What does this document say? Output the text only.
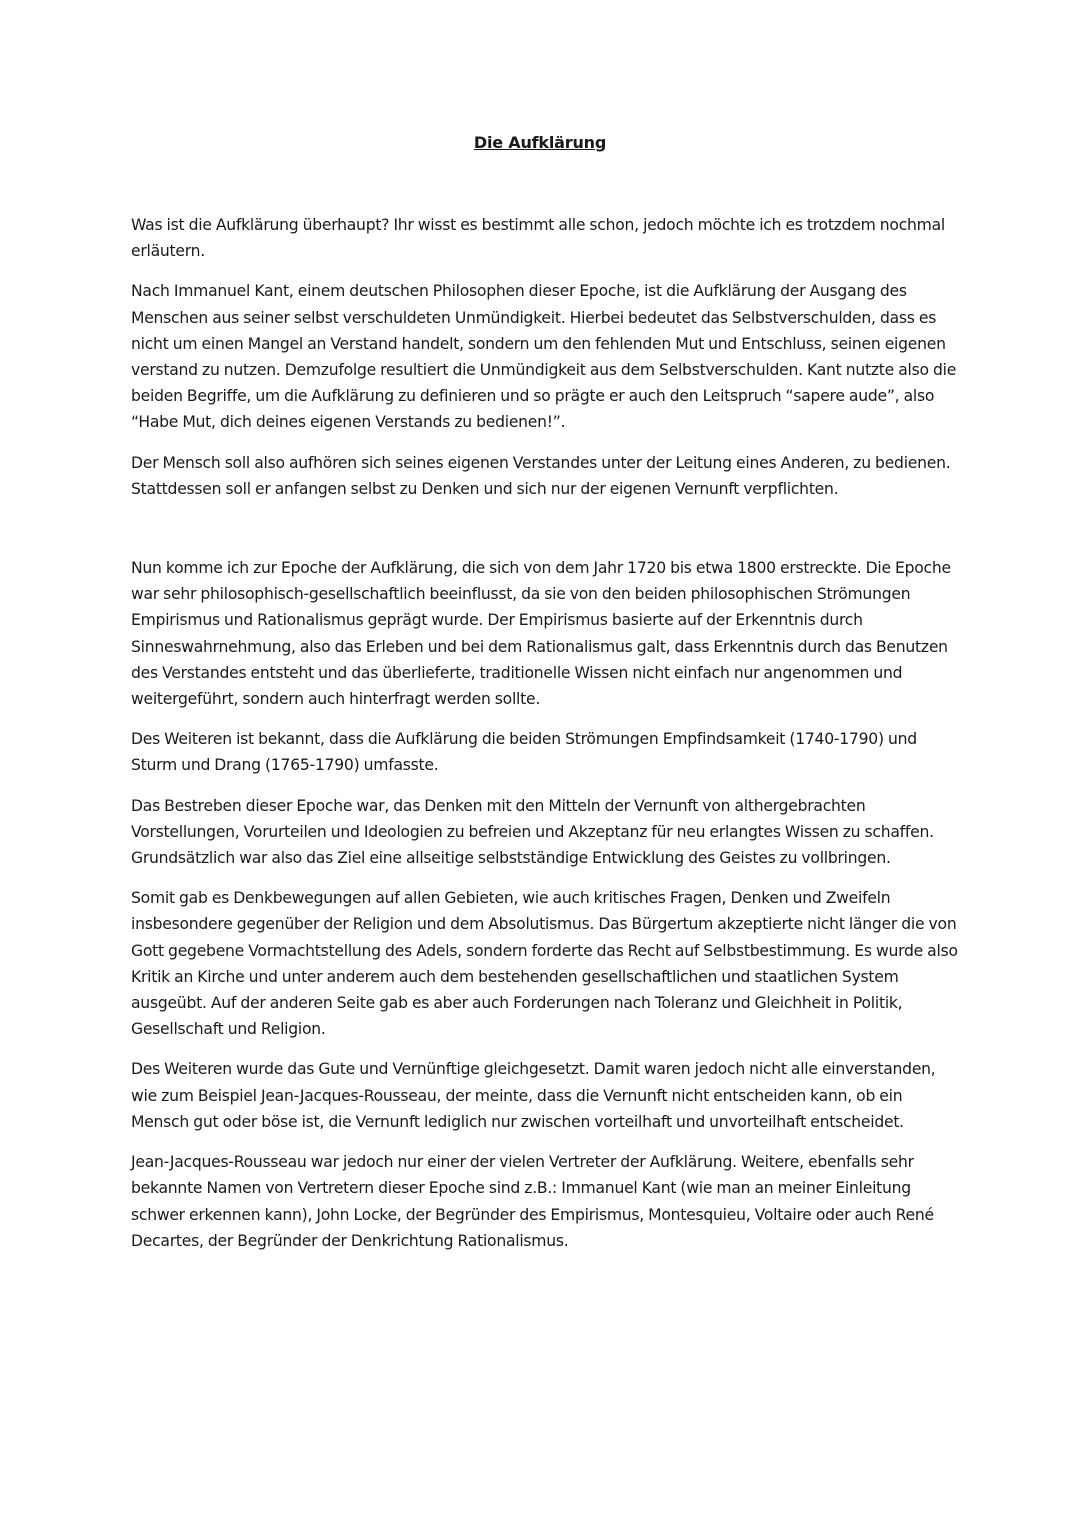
Die Aufklärung

Was ist die Aufklärung überhaupt? Ihr wisst es bestimmt alle schon, jedoch möchte ich es trotzdem nochmal erläutern.

Nach Immanuel Kant, einem deutschen Philosophen dieser Epoche, ist die Aufklärung der Ausgang des Menschen aus seiner selbst verschuldeten Unmündigkeit. Hierbei bedeutet das Selbstverschulden, dass es nicht um einen Mangel an Verstand handelt, sondern um den fehlenden Mut und Entschluss, seinen eigenen verstand zu nutzen. Demzufolge resultiert die Unmündigkeit aus dem Selbstverschulden. Kant nutzte also die beiden Begriffe, um die Aufklärung zu definieren und so prägte er auch den Leitspruch “sapere aude”, also “Habe Mut, dich deines eigenen Verstands zu bedienen!”.

Der Mensch soll also aufhören sich seines eigenen Verstandes unter der Leitung eines Anderen, zu bedienen. Stattdessen soll er anfangen selbst zu Denken und sich nur der eigenen Vernunft verpflichten.

Nun komme ich zur Epoche der Aufklärung, die sich von dem Jahr 1720 bis etwa 1800 erstreckte. Die Epoche war sehr philosophisch-gesellschaftlich beeinflusst, da sie von den beiden philosophischen Strömungen Empirismus und Rationalismus geprägt wurde. Der Empirismus basierte auf der Erkenntnis durch Sinneswahrnehmung, also das Erleben und bei dem Rationalismus galt, dass Erkenntnis durch das Benutzen des Verstandes entsteht und das überlieferte, traditionelle Wissen nicht einfach nur angenommen und weitergeführt, sondern auch hinterfragt werden sollte.

Des Weiteren ist bekannt, dass die Aufklärung die beiden Strömungen Empfindsamkeit (1740-1790) und Sturm und Drang (1765-1790) umfasste.

Das Bestreben dieser Epoche war, das Denken mit den Mitteln der Vernunft von althergebrachten Vorstellungen, Vorurteilen und Ideologien zu befreien und Akzeptanz für neu erlangtes Wissen zu schaffen. Grundsätzlich war also das Ziel eine allseitige selbstständige Entwicklung des Geistes zu vollbringen.

Somit gab es Denkbewegungen auf allen Gebieten, wie auch kritisches Fragen, Denken und Zweifeln insbesondere gegenüber der Religion und dem Absolutismus. Das Bürgertum akzeptierte nicht länger die von Gott gegebene Vormachtstellung des Adels, sondern forderte das Recht auf Selbstbestimmung. Es wurde also Kritik an Kirche und unter anderem auch dem bestehenden gesellschaftlichen und staatlichen System ausgeübt. Auf der anderen Seite gab es aber auch Forderungen nach Toleranz und Gleichheit in Politik, Gesellschaft und Religion.

Des Weiteren wurde das Gute und Vernünftige gleichgesetzt. Damit waren jedoch nicht alle einverstanden, wie zum Beispiel Jean-Jacques-Rousseau, der meinte, dass die Vernunft nicht entscheiden kann, ob ein Mensch gut oder böse ist, die Vernunft lediglich nur zwischen vorteilhaft und unvorteilhaft entscheidet.

Jean-Jacques-Rousseau war jedoch nur einer der vielen Vertreter der Aufklärung. Weitere, ebenfalls sehr bekannte Namen von Vertretern dieser Epoche sind z.B.: Immanuel Kant (wie man an meiner Einleitung schwer erkennen kann), John Locke, der Begründer des Empirismus, Montesquieu, Voltaire oder auch René Decartes, der Begründer der Denkrichtung Rationalismus.
